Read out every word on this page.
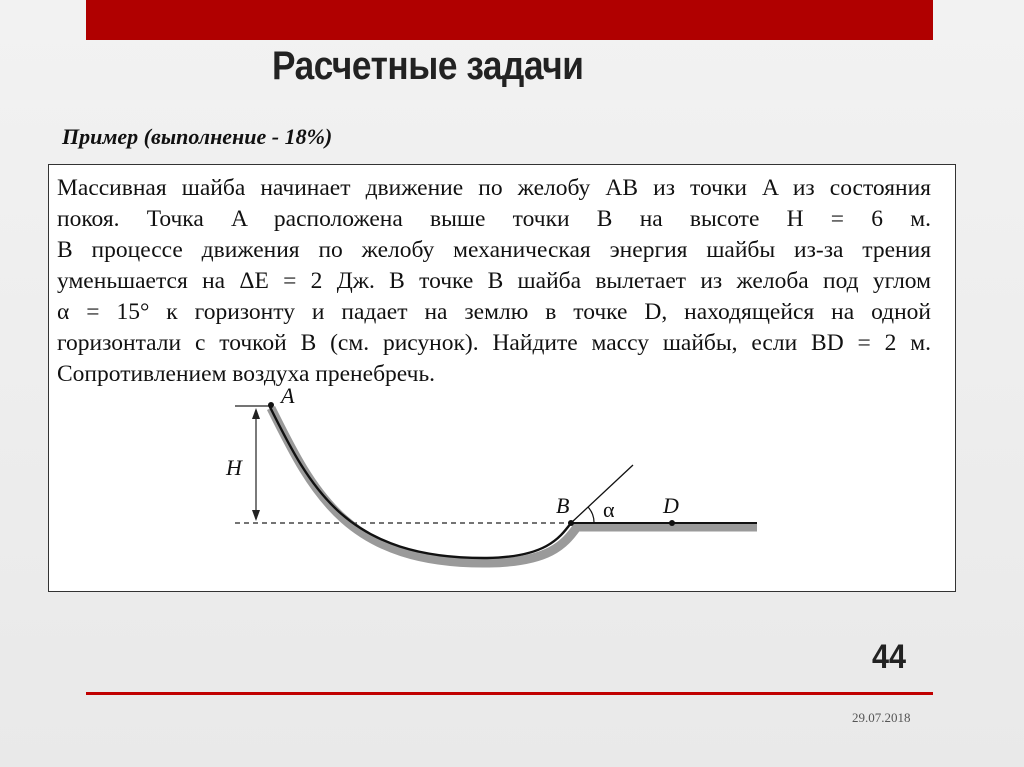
Расчетные задачи
Пример (выполнение - 18%)
Массивная шайба начинает движение по желобу AB из точки A из состояния
покоя. Точка A расположена выше точки B на высоте H = 6 м.
В процессе движения по желобу механическая энергия шайбы из-за трения
уменьшается на ΔE = 2 Дж. В точке B шайба вылетает из желоба под углом
α = 15° к горизонту и падает на землю в точке D, находящейся на одной
горизонтали с точкой B (см. рисунок). Найдите массу шайбы, если BD = 2 м.
Сопротивлением воздуха пренебречь.
A
H
B α D
44
29.07.2018
